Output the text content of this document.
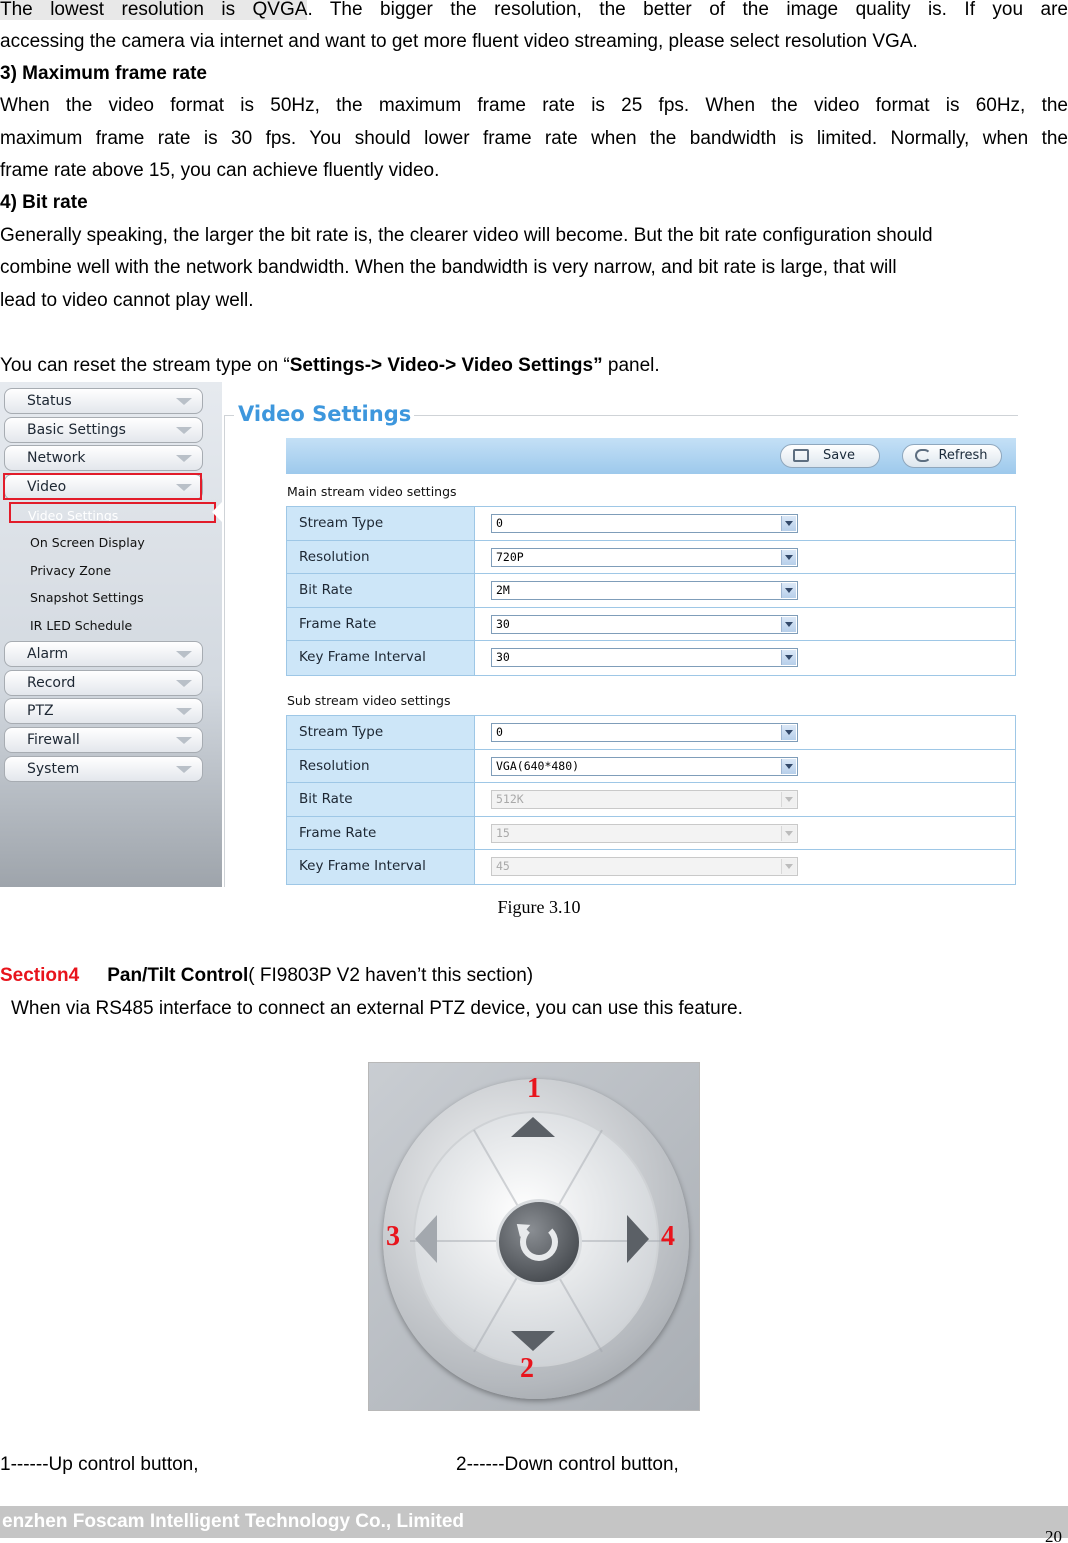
The lowest resolution is QVGA. The bigger the resolution, the better of the image quality is. If you are
accessing the camera via internet and want to get more fluent video streaming, please select resolution VGA.
3) Maximum frame rate
When the video format is 50Hz, the maximum frame rate is 25 fps. When the video format is 60Hz, the
maximum frame rate is 30 fps. You should lower frame rate when the bandwidth is limited. Normally, when the
frame rate above 15, you can achieve fluently video.
4) Bit rate
Generally speaking, the larger the bit rate is, the clearer video will become. But the bit rate configuration should
combine well with the network bandwidth. When the bandwidth is very narrow, and bit rate is large, that will
lead to video cannot play well.
You can reset the stream type on “Settings-> Video-> Video Settings” panel.
Status
Basic Settings
Network
Video
Video Settings
On Screen Display
Privacy Zone
Snapshot Settings
IR LED Schedule
Alarm
Record
PTZ
Firewall
System
Video Settings
Save	Refresh
Main stream video settings
Stream Type	0
Resolution	720P
Bit Rate	2M
Frame Rate	30
Key Frame Interval	30
Sub stream video settings
Stream Type	0
Resolution	VGA(640*480)
Bit Rate	512K
Frame Rate	15
Key Frame Interval	45
Figure 3.10
Section4 Pan/Tilt Control( FI9803P V2 haven’t this section)
When via RS485 interface to connect an external PTZ device, you can use this feature.
1
2
3	4
1------Up control button,	2------Down control button,
enzhen Foscam Intelligent Technology Co., Limited
20
